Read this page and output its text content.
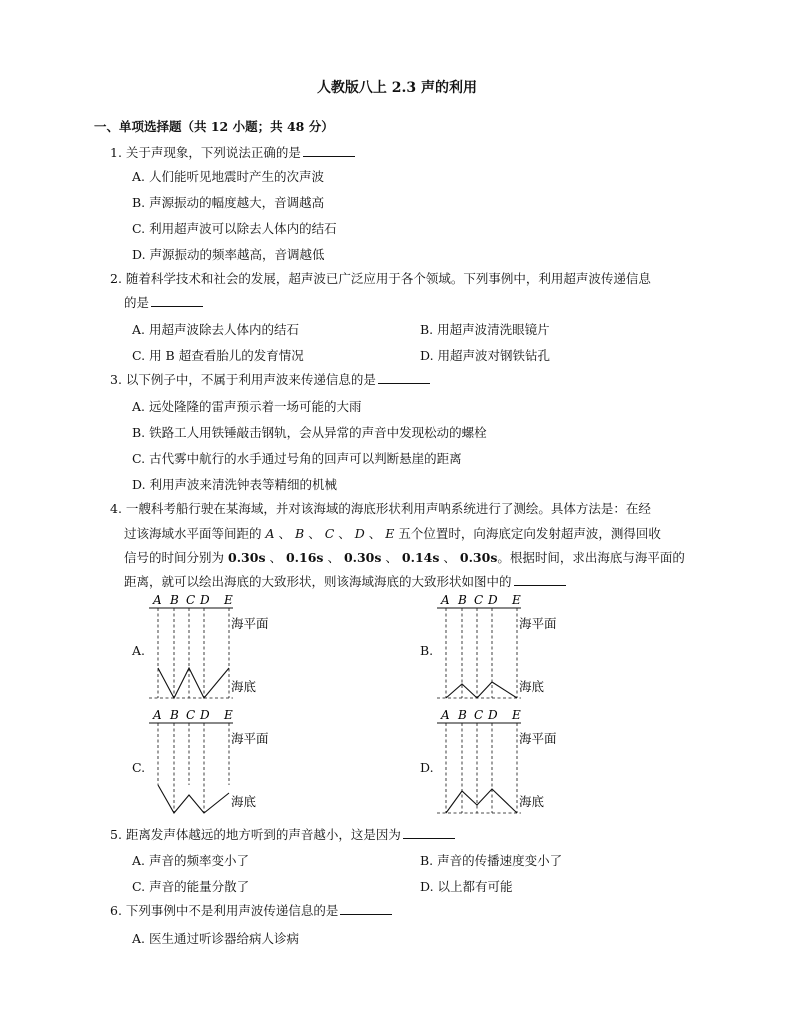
人教版八上 2.3 声的利用
一、单项选择题（共 12 小题；共 48 分）
1. 关于声现象，下列说法正确的是
A. 人们能听见地震时产生的次声波
B. 声源振动的幅度越大，音调越高
C. 利用超声波可以除去人体内的结石
D. 声源振动的频率越高，音调越低
2. 随着科学技术和社会的发展，超声波已广泛应用于各个领域。下列事例中，利用超声波传递信息
的是
A. 用超声波除去人体内的结石	B. 用超声波清洗眼镜片
C. 用 B 超查看胎儿的发育情况	D. 用超声波对钢铁钻孔
3. 以下例子中，不属于利用声波来传递信息的是
A. 远处隆隆的雷声预示着一场可能的大雨
B. 铁路工人用铁锤敲击钢轨，会从异常的声音中发现松动的螺栓
C. 古代雾中航行的水手通过号角的回声可以判断悬崖的距离
D. 利用声波来清洗钟表等精细的机械
4. 一艘科考船行驶在某海域，并对该海域的海底形状利用声呐系统进行了测绘。具体方法是：在经
过该海域水平面等间距的 A 、 B 、 C 、 D 、 E 五个位置时，向海底定向发射超声波，测得回收
信号的时间分别为 0.30s 、 0.16s 、 0.30s 、 0.14s 、 0.30s。根据时间，求出海底与海平面的
距离，就可以绘出海底的大致形状，则该海域海底的大致形状如图中的
A.	B.
C.	D.
A B C D E
海平面
海底
A B C D E
海平面
海底
A B C D E
海平面
海底
A B C D E
海平面
海底
5. 距离发声体越远的地方听到的声音越小，这是因为
A. 声音的频率变小了	B. 声音的传播速度变小了
C. 声音的能量分散了	D. 以上都有可能
6. 下列事例中不是利用声波传递信息的是
A. 医生通过听诊器给病人诊病
